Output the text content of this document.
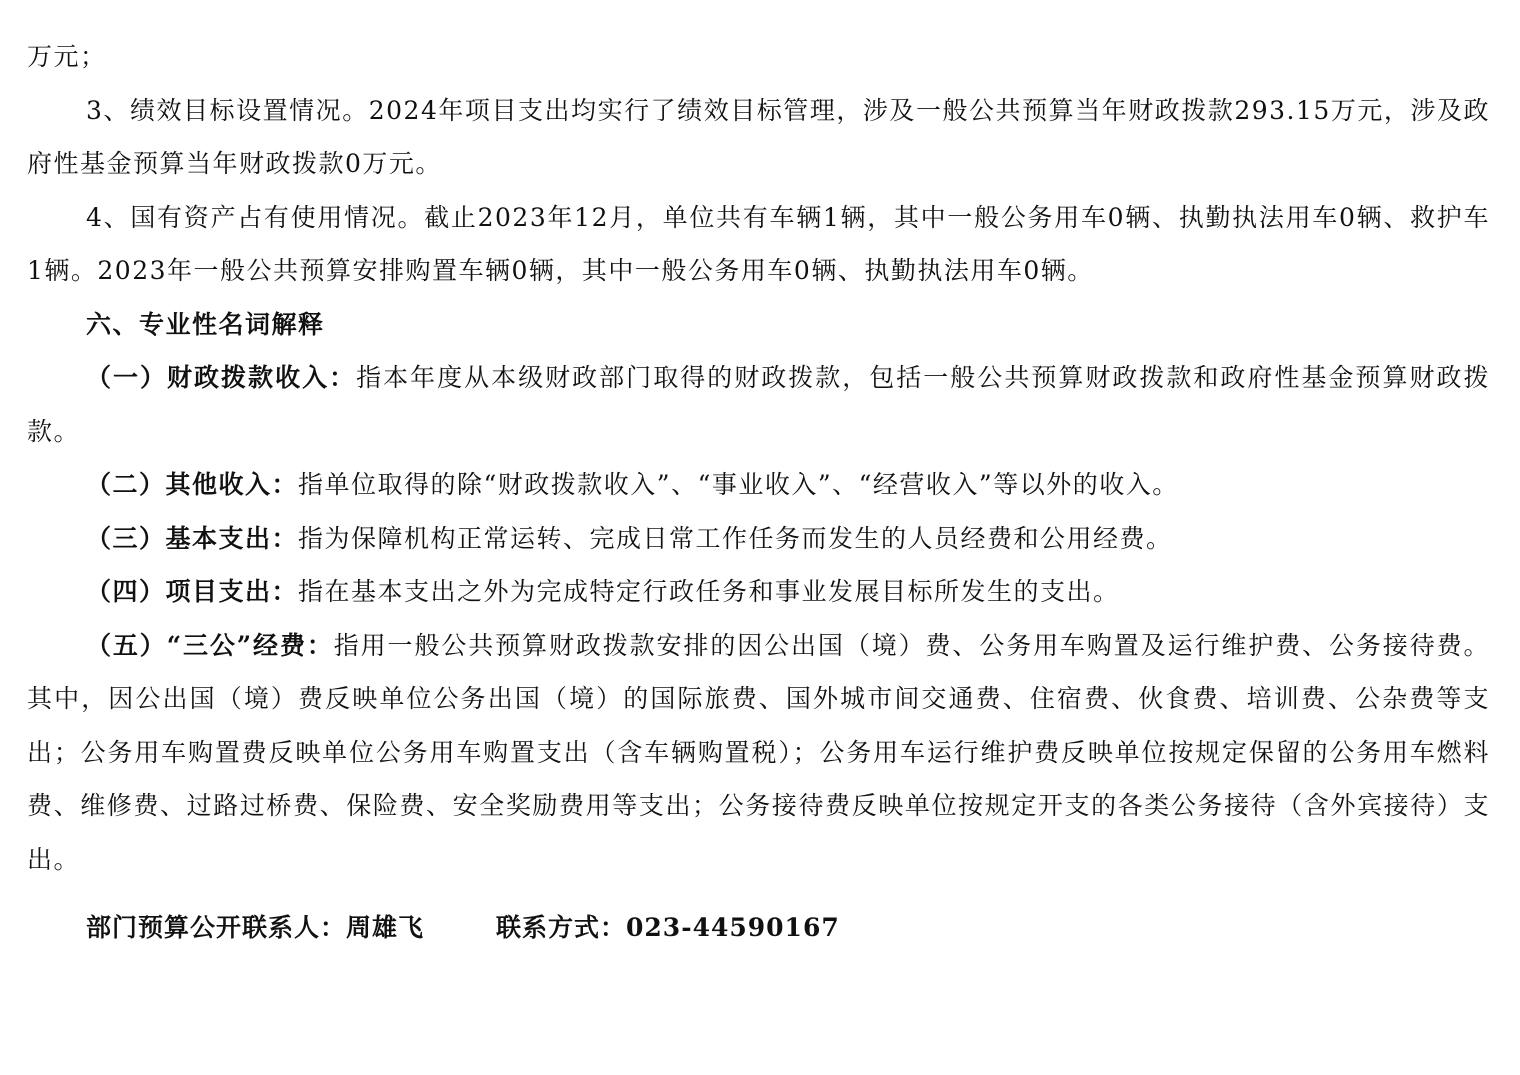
万元；

3、绩效目标设置情况。2024年项目支出均实行了绩效目标管理，涉及一般公共预算当年财政拨款293.15万元，涉及政府性基金预算当年财政拨款0万元。

4、国有资产占有使用情况。截止2023年12月，单位共有车辆1辆，其中一般公务用车0辆、执勤执法用车0辆、救护车1辆。2023年一般公共预算安排购置车辆0辆，其中一般公务用车0辆、执勤执法用车0辆。

六、专业性名词解释

（一）财政拨款收入：指本年度从本级财政部门取得的财政拨款，包括一般公共预算财政拨款和政府性基金预算财政拨款。

（二）其他收入：指单位取得的除“财政拨款收入”、“事业收入”、“经营收入”等以外的收入。

（三）基本支出：指为保障机构正常运转、完成日常工作任务而发生的人员经费和公用经费。

（四）项目支出：指在基本支出之外为完成特定行政任务和事业发展目标所发生的支出。

（五）“三公”经费：指用一般公共预算财政拨款安排的因公出国（境）费、公务用车购置及运行维护费、公务接待费。其中，因公出国（境）费反映单位公务出国（境）的国际旅费、国外城市间交通费、住宿费、伙食费、培训费、公杂费等支出；公务用车购置费反映单位公务用车购置支出（含车辆购置税）；公务用车运行维护费反映单位按规定保留的公务用车燃料费、维修费、过路过桥费、保险费、安全奖励费用等支出；公务接待费反映单位按规定开支的各类公务接待（含外宾接待）支出。

部门预算公开联系人：周雄飞	联系方式：023-44590167
